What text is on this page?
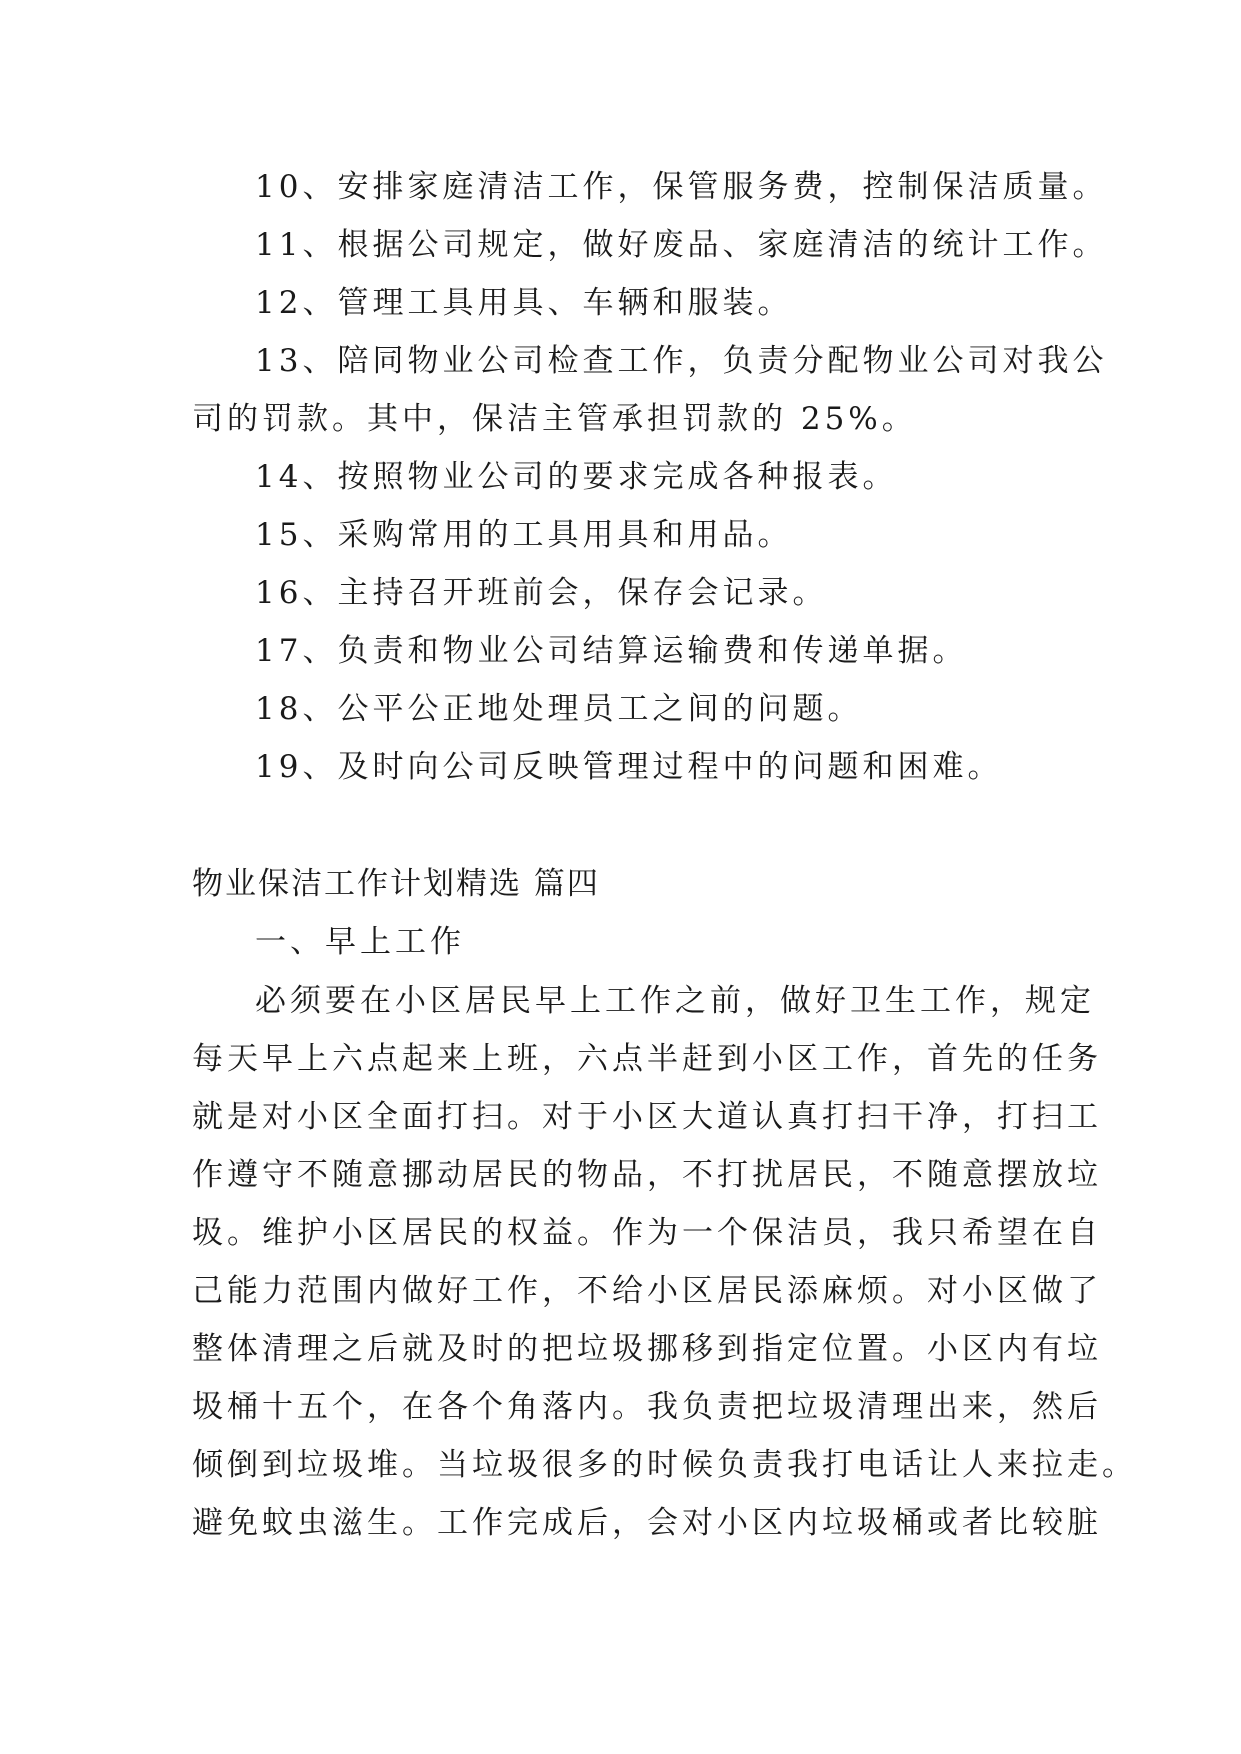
10、安排家庭清洁工作，保管服务费，控制保洁质量。
11、根据公司规定，做好废品、家庭清洁的统计工作。
12、管理工具用具、车辆和服装。
13、陪同物业公司检查工作，负责分配物业公司对我公
司的罚款。其中，保洁主管承担罚款的 25%。
14、按照物业公司的要求完成各种报表。
15、采购常用的工具用具和用品。
16、主持召开班前会，保存会记录。
17、负责和物业公司结算运输费和传递单据。
18、公平公正地处理员工之间的问题。
19、及时向公司反映管理过程中的问题和困难。
物业保洁工作计划精选 篇四
一、早上工作
必须要在小区居民早上工作之前，做好卫生工作，规定
每天早上六点起来上班，六点半赶到小区工作，首先的任务
就是对小区全面打扫。对于小区大道认真打扫干净，打扫工
作遵守不随意挪动居民的物品，不打扰居民，不随意摆放垃
圾。维护小区居民的权益。作为一个保洁员，我只希望在自
己能力范围内做好工作，不给小区居民添麻烦。对小区做了
整体清理之后就及时的把垃圾挪移到指定位置。小区内有垃
圾桶十五个，在各个角落内。我负责把垃圾清理出来，然后
倾倒到垃圾堆。当垃圾很多的时候负责我打电话让人来拉走。
避免蚊虫滋生。工作完成后，会对小区内垃圾桶或者比较脏
